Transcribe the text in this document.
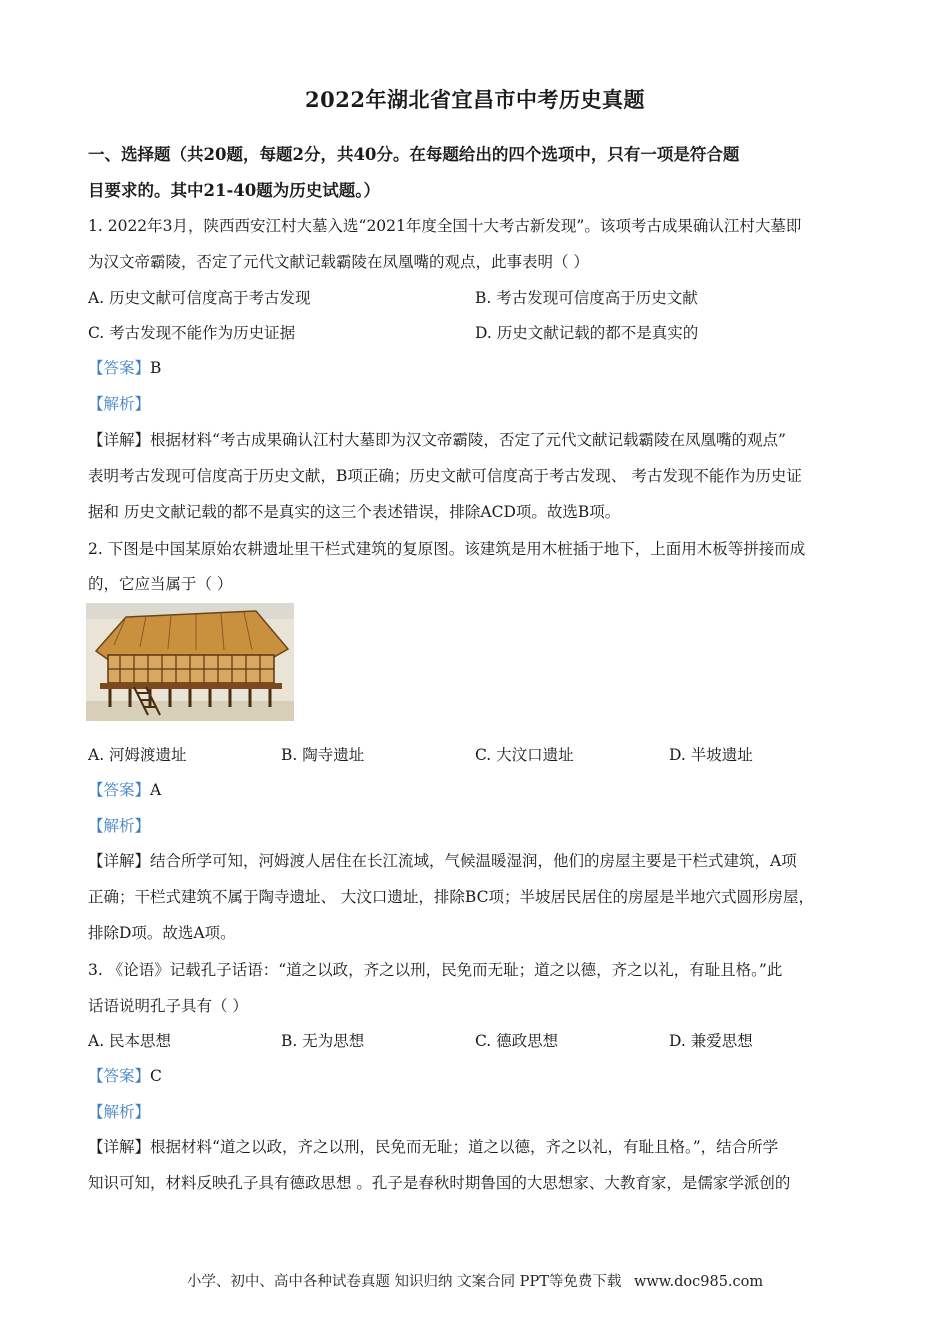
2022年湖北省宜昌市中考历史真题
一、选择题（共20题，每题2分，共40分。在每题给出的四个选项中，只有一项是符合题
目要求的。其中21-40题为历史试题。）
1. 2022年3月，陕西西安江村大墓入选“2021年度全国十大考古新发现”。该项考古成果确认江村大墓即
为汉文帝霸陵，否定了元代文献记载霸陵在凤凰嘴的观点，此事表明（ ）
A. 历史文献可信度高于考古发现	B. 考古发现可信度高于历史文献
C. 考古发现不能作为历史证据	D. 历史文献记载的都不是真实的
【答案】B
【解析】
【详解】根据材料“考古成果确认江村大墓即为汉文帝霸陵，否定了元代文献记载霸陵在凤凰嘴的观点”
表明考古发现可信度高于历史文献，B项正确；历史文献可信度高于考古发现、 考古发现不能作为历史证
据和 历史文献记载的都不是真实的这三个表述错误，排除ACD项。故选B项。
2. 下图是中国某原始农耕遗址里干栏式建筑的复原图。该建筑是用木桩插于地下，上面用木板等拼接而成
的，它应当属于（ ）
A. 河姆渡遗址	B. 陶寺遗址	C. 大汶口遗址	D. 半坡遗址
【答案】A
【解析】
【详解】结合所学可知，河姆渡人居住在长江流域，气候温暖湿润，他们的房屋主要是干栏式建筑，A项
正确；干栏式建筑不属于陶寺遗址、 大汶口遗址，排除BC项；半坡居民居住的房屋是半地穴式圆形房屋，
排除D项。故选A项。
3. 《论语》记载孔子话语：“道之以政，齐之以刑，民免而无耻；道之以德，齐之以礼，有耻且格。”此
话语说明孔子具有（ ）
A. 民本思想	B. 无为思想	C. 德政思想	D. 兼爱思想
【答案】C
【解析】
【详解】根据材料“道之以政，齐之以刑，民免而无耻；道之以德，齐之以礼，有耻且格。”，结合所学
知识可知，材料反映孔子具有德政思想 。孔子是春秋时期鲁国的大思想家、大教育家，是儒家学派创的
小学、初中、高中各种试卷真题 知识归纳 文案合同 PPT等免费下载 www.doc985.com
